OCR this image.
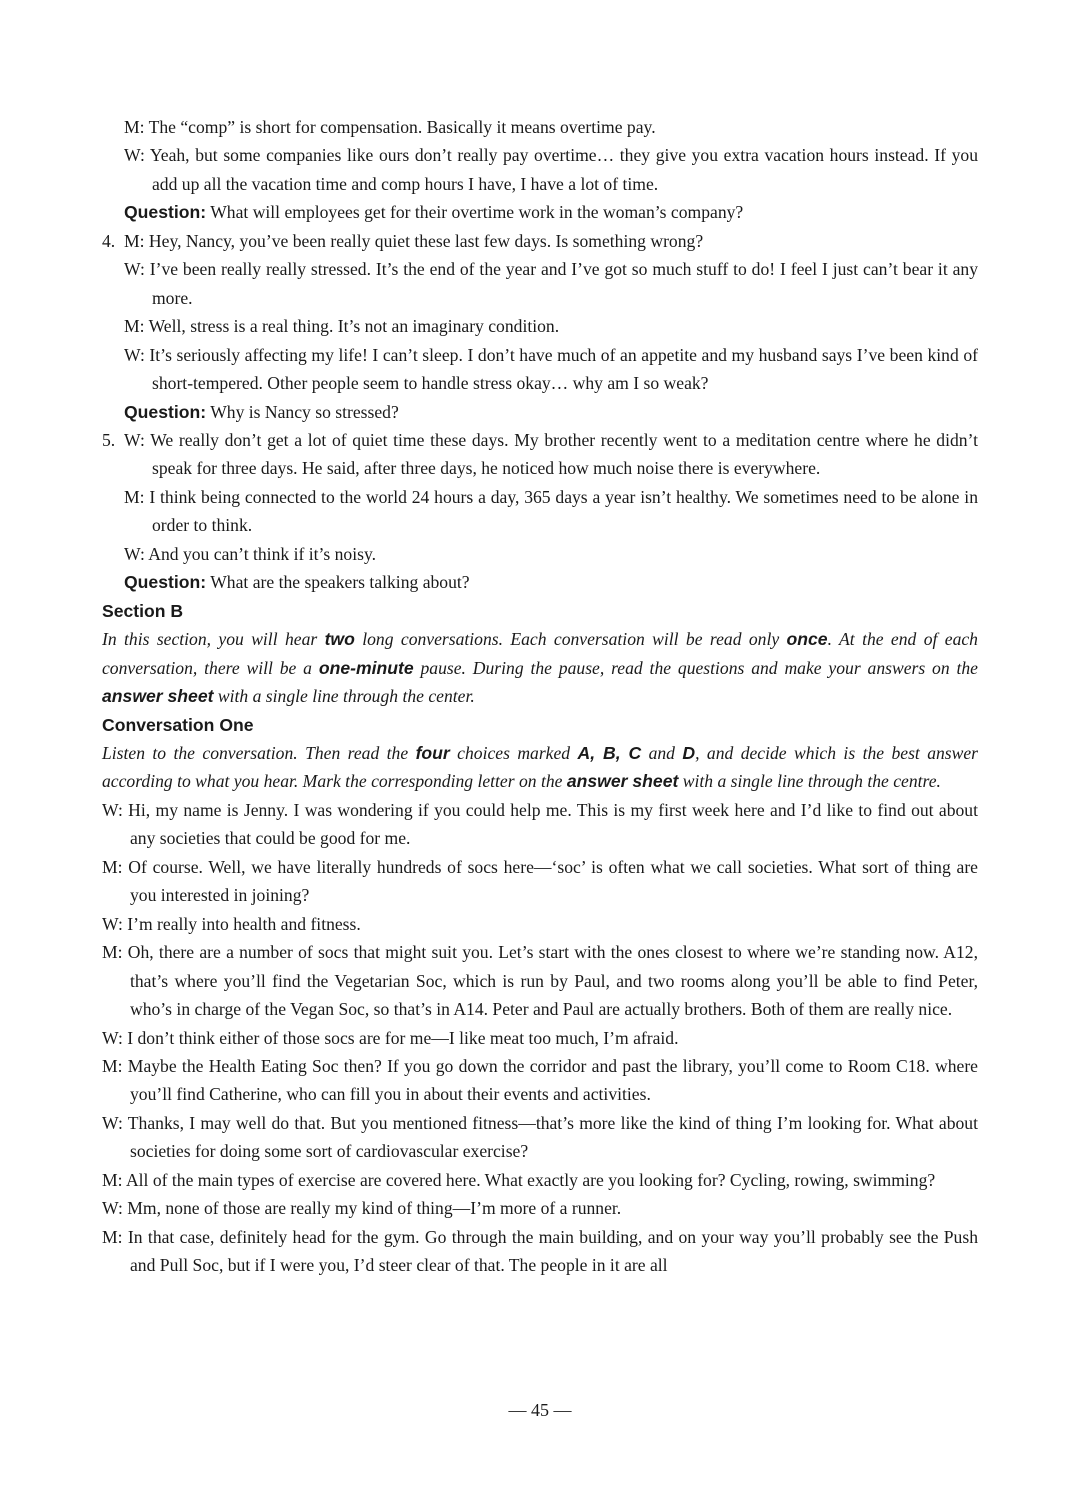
M: The “comp” is short for compensation. Basically it means overtime pay.
W: Yeah, but some companies like ours don’t really pay overtime… they give you extra vacation hours instead. If you add up all the vacation time and comp hours I have, I have a lot of time.
Question: What will employees get for their overtime work in the woman’s company?
4. M: Hey, Nancy, you’ve been really quiet these last few days. Is something wrong?
W: I’ve been really really stressed. It’s the end of the year and I’ve got so much stuff to do! I feel I just can’t bear it any more.
M: Well, stress is a real thing. It’s not an imaginary condition.
W: It’s seriously affecting my life! I can’t sleep. I don’t have much of an appetite and my husband says I’ve been kind of short-tempered. Other people seem to handle stress okay… why am I so weak?
Question: Why is Nancy so stressed?
5. W: We really don’t get a lot of quiet time these days. My brother recently went to a meditation centre where he didn’t speak for three days. He said, after three days, he noticed how much noise there is everywhere.
M: I think being connected to the world 24 hours a day, 365 days a year isn’t healthy. We sometimes need to be alone in order to think.
W: And you can’t think if it’s noisy.
Question: What are the speakers talking about?
Section B
In this section, you will hear two long conversations. Each conversation will be read only once. At the end of each conversation, there will be a one-minute pause. During the pause, read the questions and make your answers on the answer sheet with a single line through the center.
Conversation One
Listen to the conversation. Then read the four choices marked A, B, C and D, and decide which is the best answer according to what you hear. Mark the corresponding letter on the answer sheet with a single line through the centre.
W: Hi, my name is Jenny. I was wondering if you could help me. This is my first week here and I’d like to find out about any societies that could be good for me.
M: Of course. Well, we have literally hundreds of socs here—‘soc’ is often what we call societies. What sort of thing are you interested in joining?
W: I’m really into health and fitness.
M: Oh, there are a number of socs that might suit you. Let’s start with the ones closest to where we’re standing now. A12, that’s where you’ll find the Vegetarian Soc, which is run by Paul, and two rooms along you’ll be able to find Peter, who’s in charge of the Vegan Soc, so that’s in A14. Peter and Paul are actually brothers. Both of them are really nice.
W: I don’t think either of those socs are for me—I like meat too much, I’m afraid.
M: Maybe the Health Eating Soc then? If you go down the corridor and past the library, you’ll come to Room C18. where you’ll find Catherine, who can fill you in about their events and activities.
W: Thanks, I may well do that. But you mentioned fitness—that’s more like the kind of thing I’m looking for. What about societies for doing some sort of cardiovascular exercise?
M: All of the main types of exercise are covered here. What exactly are you looking for? Cycling, rowing, swimming?
W: Mm, none of those are really my kind of thing—I’m more of a runner.
M: In that case, definitely head for the gym. Go through the main building, and on your way you’ll probably see the Push and Pull Soc, but if I were you, I’d steer clear of that. The people in it are all
— 45 —
